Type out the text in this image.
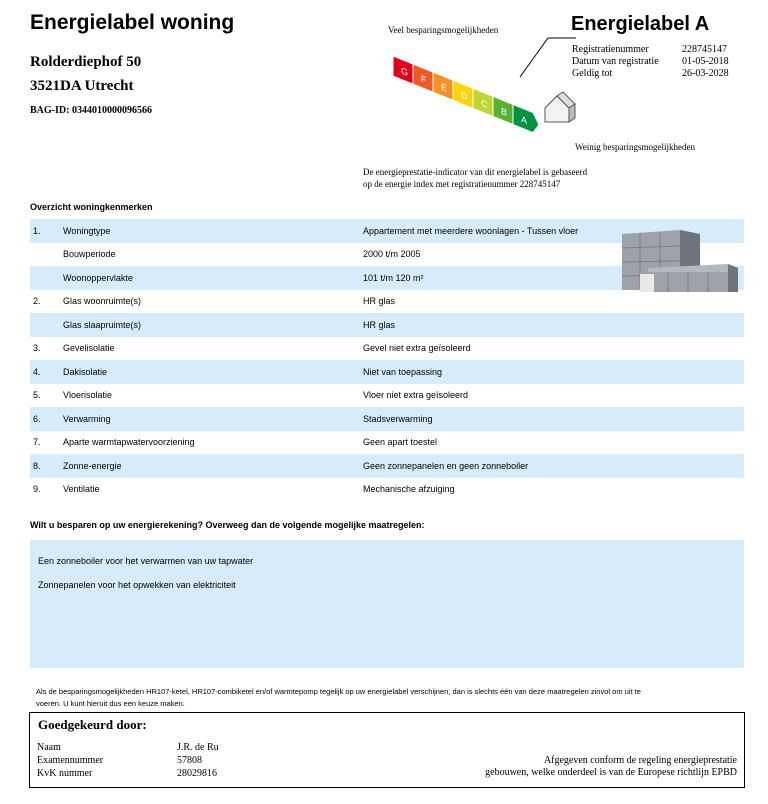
Energielabel woning
Rolderdiephof 50
3521DA Utrecht
BAG-ID: 0344010000096566
Veel besparingsmogelijkheden
G
F
E
D
C
B
A
Weinig besparingsmogelijkheden
Energielabel A
Registratienummer	228745147
Datum van registratie	01-05-2018
Geldig tot	26-03-2028
De energieprestatie-indicator van dit energielabel is gebaseerd
op de energie index met registratienummer 228745147
Overzicht woningkenmerken
1. Woningtype	Appartement met meerdere woonlagen - Tussen vloer
Bouwperiode	2000 t/m 2005
Woonoppervlakte	101 t/m 120 m²
2. Glas woonruimte(s)	HR glas
Glas slaapruimte(s)	HR glas
3. Gevelisolatie	Gevel niet extra geïsoleerd
4. Dakisolatie	Niet van toepassing
5. Vloerisolatie	Vloer niet extra geïsoleerd
6. Verwarming	Stadsverwarming
7. Aparte warmtapwatervoorziening	Geen apart toestel
8. Zonne-energie	Geen zonnepanelen en geen zonneboiler
9. Ventilatie	Mechanische afzuiging
Wilt u besparen op uw energierekening? Overweeg dan de volgende mogelijke maatregelen:
Een zonneboiler voor het verwarmen van uw tapwater
Zonnepanelen voor het opwekken van elektriciteit
Als de besparingsmogelijkheden HR107-ketel, HR107-combiketel en/of warmtepomp tegelijk op uw energielabel verschijnen, dan is slechts één van deze maatregelen zinvol om uit te
voeren. U kunt hieruit dus een keuze maken.
Goedgekeurd door:
Naam	J.R. de Ru
Examennummer	57808
KvK nummer	28029816
Afgegeven conform de regeling energieprestatie
gebouwen, welke onderdeel is van de Europese richtlijn EPBD
